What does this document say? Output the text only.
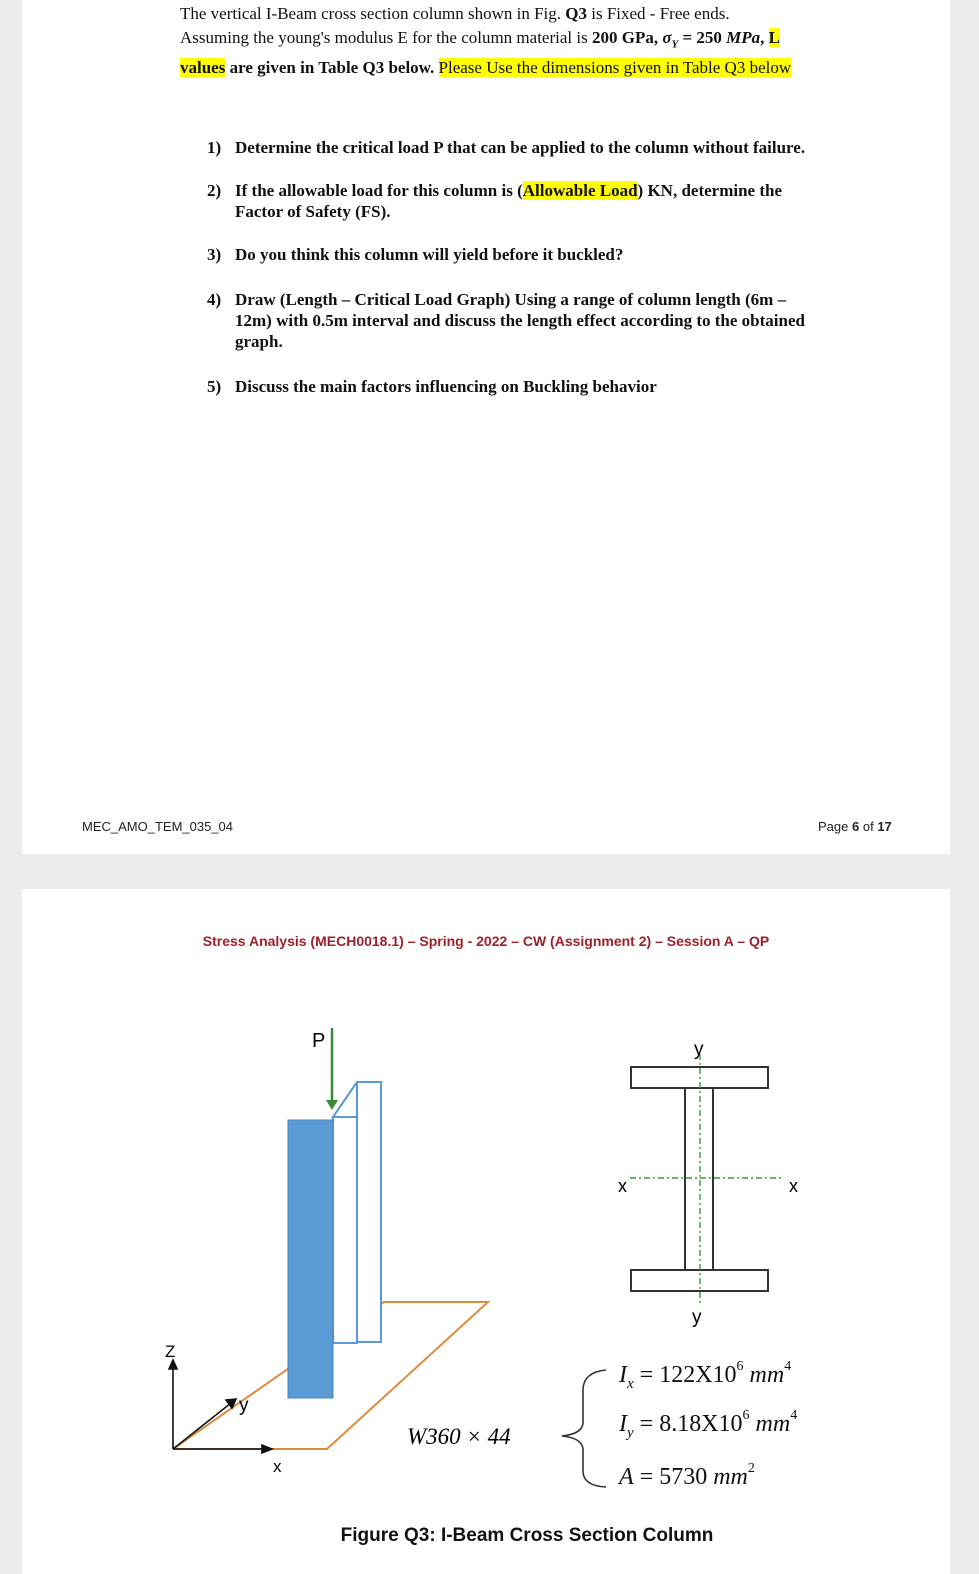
The vertical I-Beam cross section column shown in Fig. Q3 is Fixed - Free ends. Assuming the young's modulus E for the column material is 200 GPa, $\sigma_Y = 250$ MPa, L values are given in Table Q3 below. Please Use the dimensions given in Table Q3 below
1) Determine the critical load P that can be applied to the column without failure.
2) If the allowable load for this column is (Allowable Load) KN, determine the Factor of Safety (FS).
3) Do you think this column will yield before it buckled?
4) Draw (Length – Critical Load Graph) Using a range of column length (6m – 12m) with 0.5m interval and discuss the length effect according to the obtained graph.
5) Discuss the main factors influencing on Buckling behavior
MEC_AMO_TEM_035_04	Page 6 of 17
Stress Analysis (MECH0018.1) – Spring - 2022 – CW (Assignment 2) – Session A – QP
Z
y
x
P	y
y
x	x
W360 × 44
$I_x = 122X10^6$ $mm^4$
$I_y = 8.18X10^6$ $mm^4$
A = 5730 $mm^2$
Figure Q3: I-Beam Cross Section Column
